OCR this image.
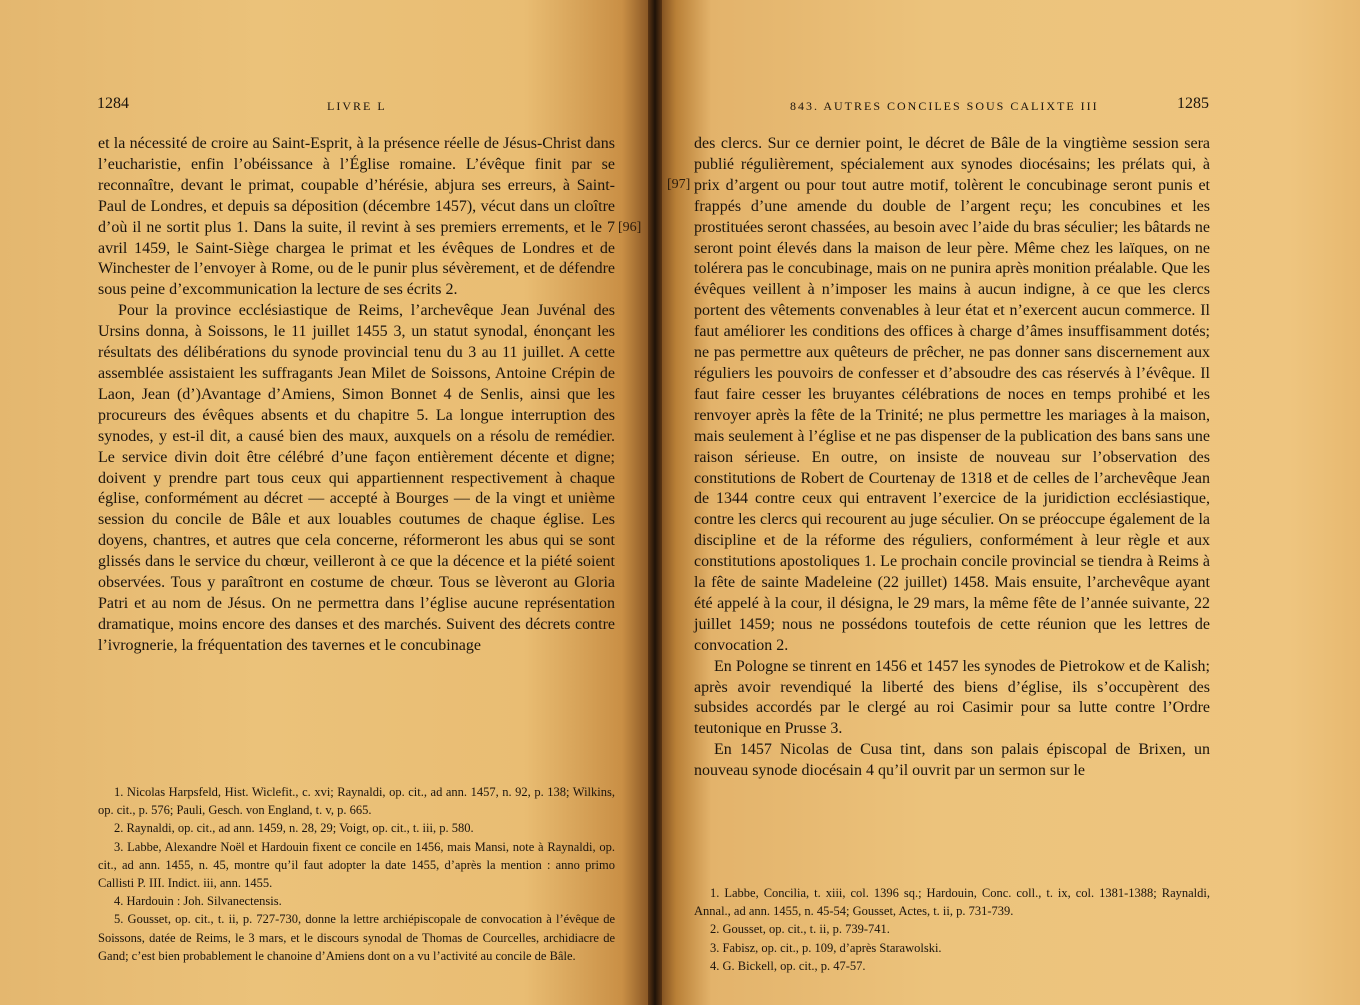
1284	LIVRE L

et la nécessité de croire au Saint-Esprit, à la présence réelle de Jésus-Christ dans l’eucharistie, enfin l’obéissance à l’Église romaine. L’évêque finit par se reconnaître, devant le primat, coupable d’hérésie, abjura ses erreurs, à Saint-Paul de Londres, et depuis sa déposition (décembre 1457), vécut dans un cloître d’où il ne sortit plus 1. Dans la suite, il revint à ses premiers errements, et le 7 avril 1459, le Saint-Siège chargea le primat et les évêques de Londres et de Winchester de l’envoyer à Rome, ou de le punir plus sévèrement, et de défendre sous peine d’excommunication la lecture de ses écrits 2.

Pour la province ecclésiastique de Reims, l’archevêque Jean Juvénal des Ursins donna, à Soissons, le 11 juillet 1455 3, un statut synodal, énonçant les résultats des délibérations du synode provincial tenu du 3 au 11 juillet. A cette assemblée assistaient les suffragants Jean Milet de Soissons, Antoine Crépin de Laon, Jean (d’)Avantage d’Amiens, Simon Bonnet 4 de Senlis, ainsi que les procureurs des évêques absents et du chapitre 5. La longue interruption des synodes, y est-il dit, a causé bien des maux, auxquels on a résolu de remédier. Le service divin doit être célébré d’une façon entièrement décente et digne; doivent y prendre part tous ceux qui appartiennent respectivement à chaque église, conformément au décret — accepté à Bourges — de la vingt et unième session du concile de Bâle et aux louables coutumes de chaque église. Les doyens, chantres, et autres que cela concerne, réformeront les abus qui se sont glissés dans le service du chœur, veilleront à ce que la décence et la piété soient observées. Tous y paraîtront en costume de chœur. Tous se lèveront au Gloria Patri et au nom de Jésus. On ne permettra dans l’église aucune représentation dramatique, moins encore des danses et des marchés. Suivent des décrets contre l’ivrognerie, la fréquentation des tavernes et le concubinage

[96]

1. Nicolas Harpsfeld, Hist. Wiclefit., c. xvi; Raynaldi, op. cit., ad ann. 1457, n. 92, p. 138; Wilkins, op. cit., p. 576; Pauli, Gesch. von England, t. v, p. 665.

2. Raynaldi, op. cit., ad ann. 1459, n. 28, 29; Voigt, op. cit., t. iii, p. 580.

3. Labbe, Alexandre Noël et Hardouin fixent ce concile en 1456, mais Mansi, note à Raynaldi, op. cit., ad ann. 1455, n. 45, montre qu’il faut adopter la date 1455, d’après la mention : anno primo Callisti P. III. Indict. iii, ann. 1455.

4. Hardouin : Joh. Silvanectensis.

5. Gousset, op. cit., t. ii, p. 727-730, donne la lettre archiépiscopale de convocation à l’évêque de Soissons, datée de Reims, le 3 mars, et le discours synodal de Thomas de Courcelles, archidiacre de Gand; c’est bien probablement le chanoine d’Amiens dont on a vu l’activité au concile de Bâle.

843. AUTRES CONCILES SOUS CALIXTE III	1285
[97]

des clercs. Sur ce dernier point, le décret de Bâle de la vingtième session sera publié régulièrement, spécialement aux synodes diocésains; les prélats qui, à prix d’argent ou pour tout autre motif, tolèrent le concubinage seront punis et frappés d’une amende du double de l’argent reçu; les concubines et les prostituées seront chassées, au besoin avec l’aide du bras séculier; les bâtards ne seront point élevés dans la maison de leur père. Même chez les laïques, on ne tolérera pas le concubinage, mais on ne punira après monition préalable. Que les évêques veillent à n’imposer les mains à aucun indigne, à ce que les clercs portent des vêtements convenables à leur état et n’exercent aucun commerce. Il faut améliorer les conditions des offices à charge d’âmes insuffisamment dotés; ne pas permettre aux quêteurs de prêcher, ne pas donner sans discernement aux réguliers les pouvoirs de confesser et d’absoudre des cas réservés à l’évêque. Il faut faire cesser les bruyantes célébrations de noces en temps prohibé et les renvoyer après la fête de la Trinité; ne plus permettre les mariages à la maison, mais seulement à l’église et ne pas dispenser de la publication des bans sans une raison sérieuse. En outre, on insiste de nouveau sur l’observation des constitutions de Robert de Courtenay de 1318 et de celles de l’archevêque Jean de 1344 contre ceux qui entravent l’exercice de la juridiction ecclésiastique, contre les clercs qui recourent au juge séculier. On se préoccupe également de la discipline et de la réforme des réguliers, conformément à leur règle et aux constitutions apostoliques 1. Le prochain concile provincial se tiendra à Reims à la fête de sainte Madeleine (22 juillet) 1458. Mais ensuite, l’archevêque ayant été appelé à la cour, il désigna, le 29 mars, la même fête de l’année suivante, 22 juillet 1459; nous ne possédons toutefois de cette réunion que les lettres de convocation 2.

En Pologne se tinrent en 1456 et 1457 les synodes de Pietrokow et de Kalish; après avoir revendiqué la liberté des biens d’église, ils s’occupèrent des subsides accordés par le clergé au roi Casimir pour sa lutte contre l’Ordre teutonique en Prusse 3.

En 1457 Nicolas de Cusa tint, dans son palais épiscopal de Brixen, un nouveau synode diocésain 4 qu’il ouvrit par un sermon sur le

1. Labbe, Concilia, t. xiii, col. 1396 sq.; Hardouin, Conc. coll., t. ix, col. 1381-1388; Raynaldi, Annal., ad ann. 1455, n. 45-54; Gousset, Actes, t. ii, p. 731-739.

2. Gousset, op. cit., t. ii, p. 739-741.

3. Fabisz, op. cit., p. 109, d’après Starawolski.

4. G. Bickell, op. cit., p. 47-57.
